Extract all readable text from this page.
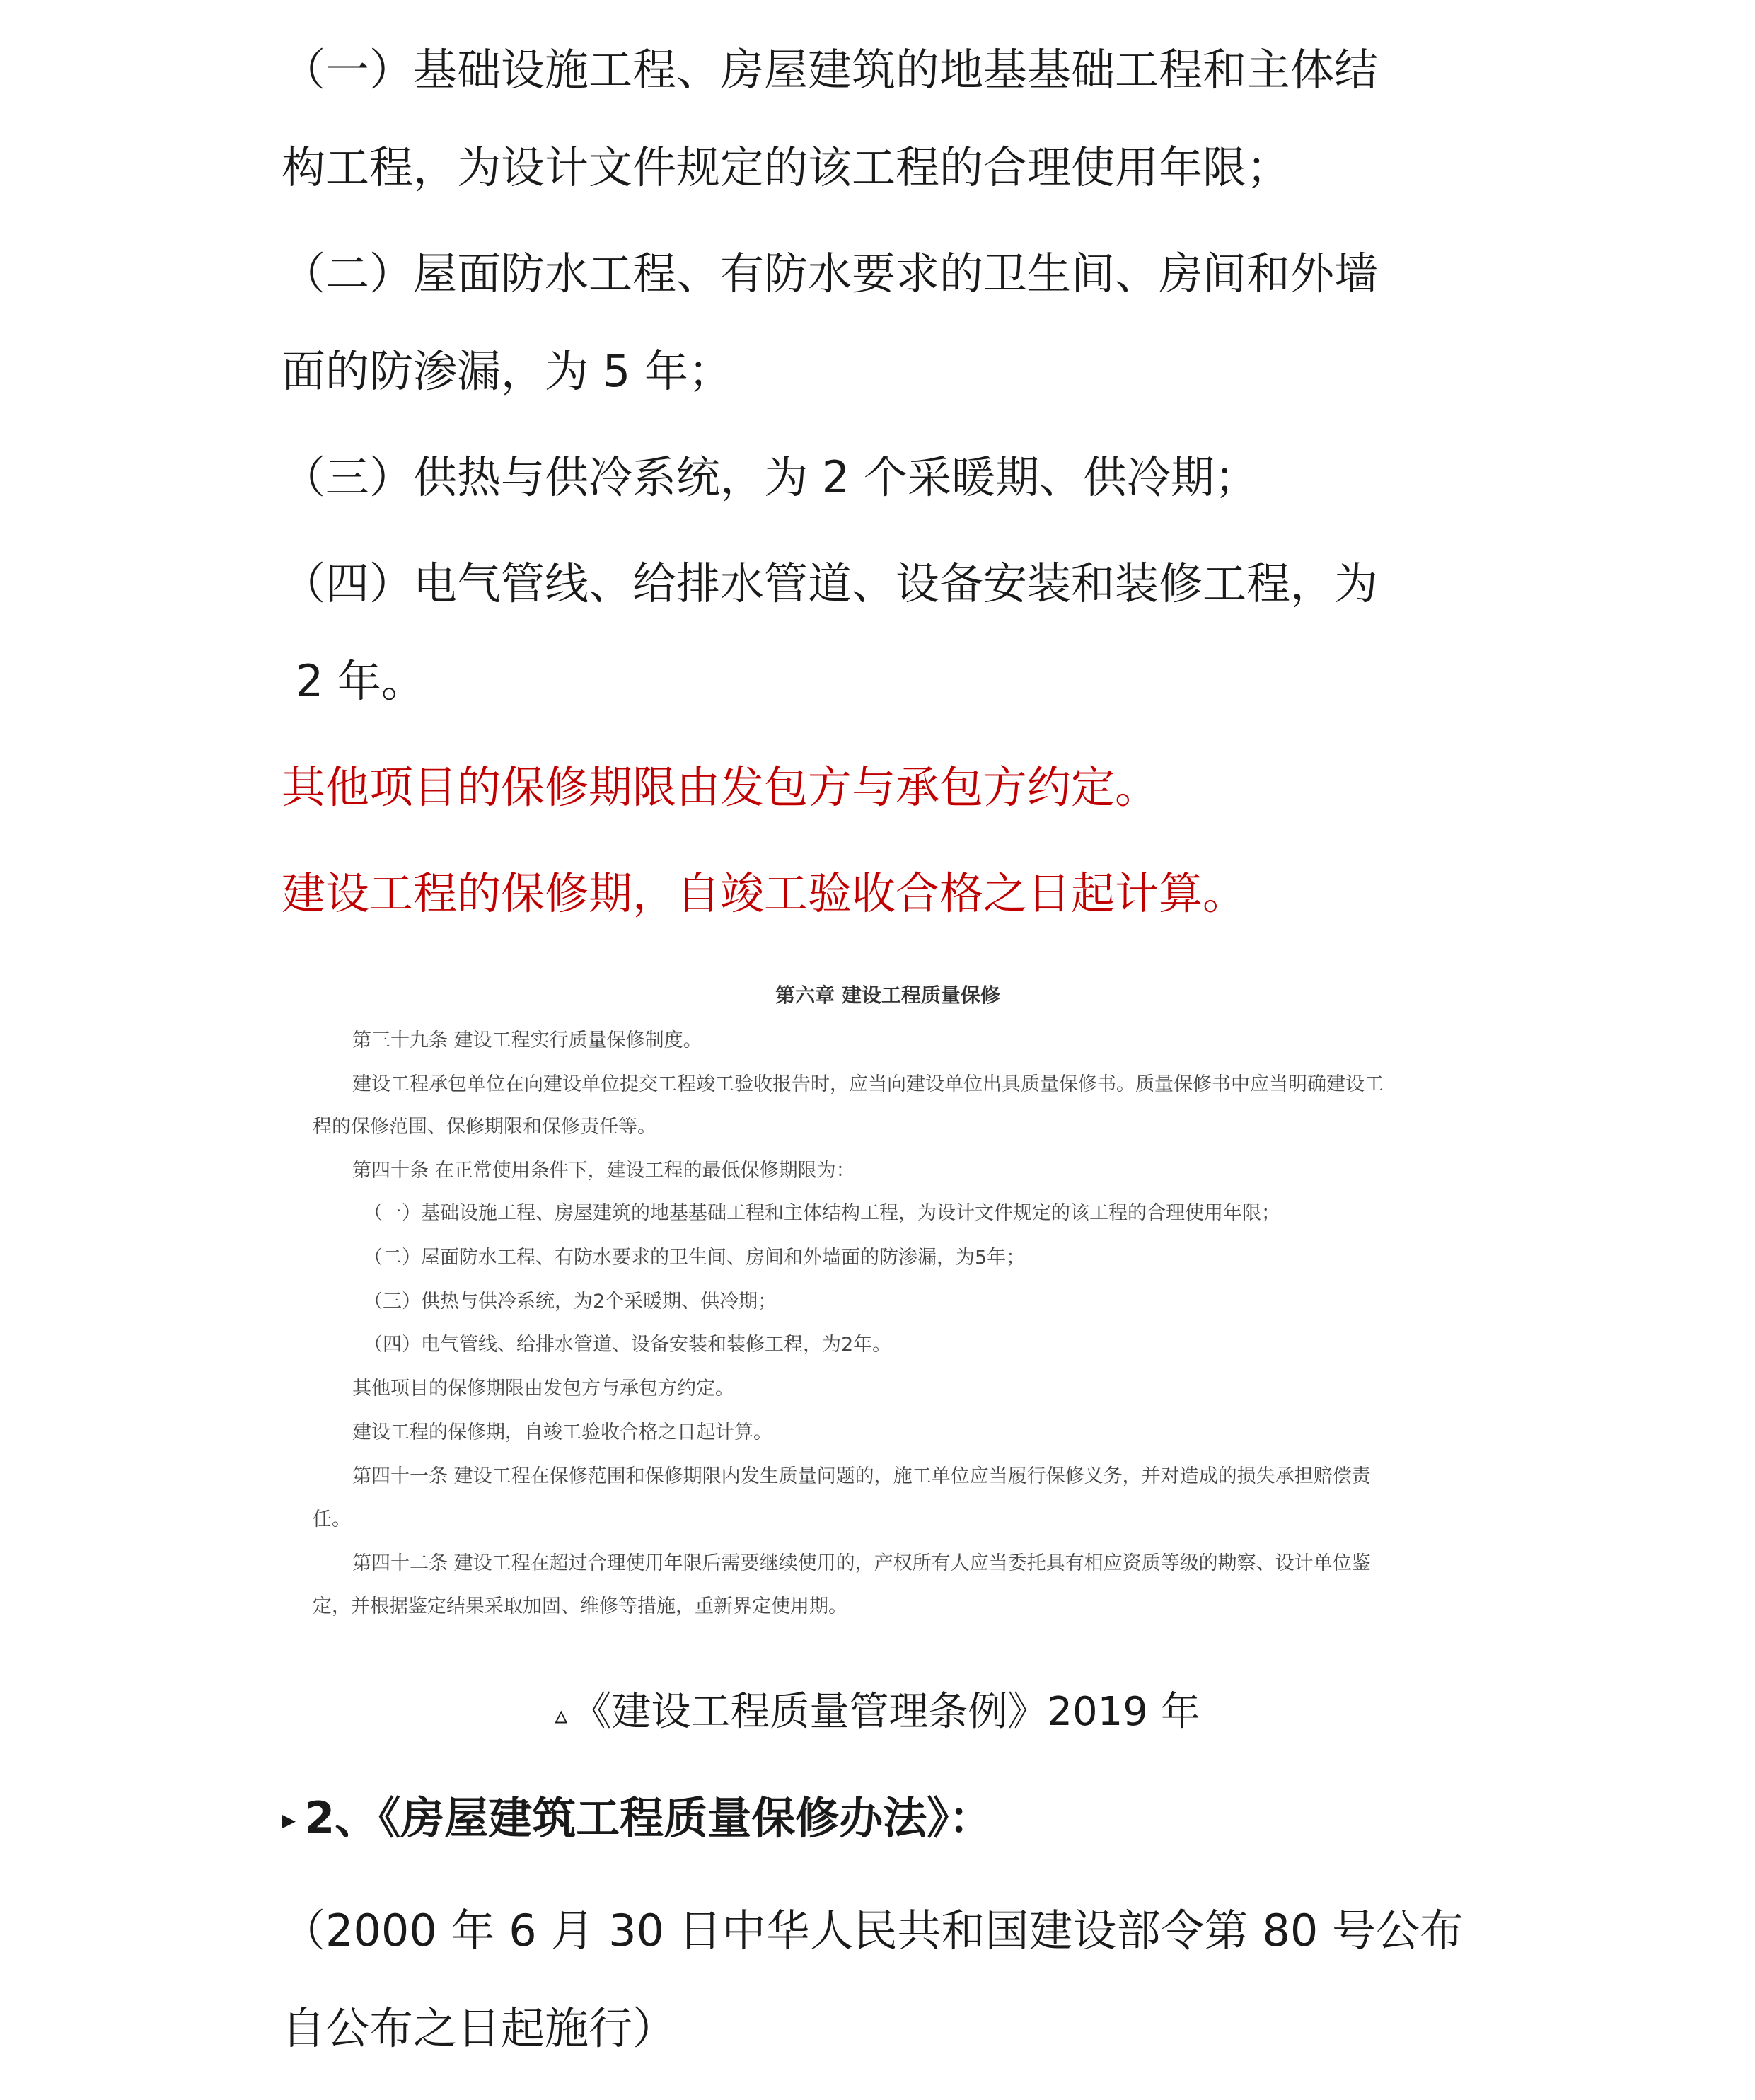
（一）基础设施工程、房屋建筑的地基基础工程和主体结

构工程，为设计文件规定的该工程的合理使用年限；

（二）屋面防水工程、有防水要求的卫生间、房间和外墙

面的防渗漏，为 5 年；

（三）供热与供冷系统，为 2 个采暖期、供冷期；

（四）电气管线、给排水管道、设备安装和装修工程，为

2 年。

其他项目的保修期限由发包方与承包方约定。

建设工程的保修期，自竣工验收合格之日起计算。

第六章 建设工程质量保修
第三十九条 建设工程实行质量保修制度。
建设工程承包单位在向建设单位提交工程竣工验收报告时，应当向建设单位出具质量保修书。质量保修书中应当明确建设工
程的保修范围、保修期限和保修责任等。
第四十条 在正常使用条件下，建设工程的最低保修期限为：
（一）基础设施工程、房屋建筑的地基基础工程和主体结构工程，为设计文件规定的该工程的合理使用年限；
（二）屋面防水工程、有防水要求的卫生间、房间和外墙面的防渗漏，为5年；
（三）供热与供冷系统，为2个采暖期、供冷期；
（四）电气管线、给排水管道、设备安装和装修工程，为2年。
其他项目的保修期限由发包方与承包方约定。
建设工程的保修期，自竣工验收合格之日起计算。
第四十一条 建设工程在保修范围和保修期限内发生质量问题的，施工单位应当履行保修义务，并对造成的损失承担赔偿责
任。
第四十二条 建设工程在超过合理使用年限后需要继续使用的，产权所有人应当委托具有相应资质等级的勘察、设计单位鉴
定，并根据鉴定结果采取加固、维修等措施，重新界定使用期。
▵ 《建设工程质量管理条例》2019 年
▸ 2、《房屋建筑工程质量保修办法》：

（2000 年 6 月 30 日中华人民共和国建设部令第 80 号公布

自公布之日起施行）
